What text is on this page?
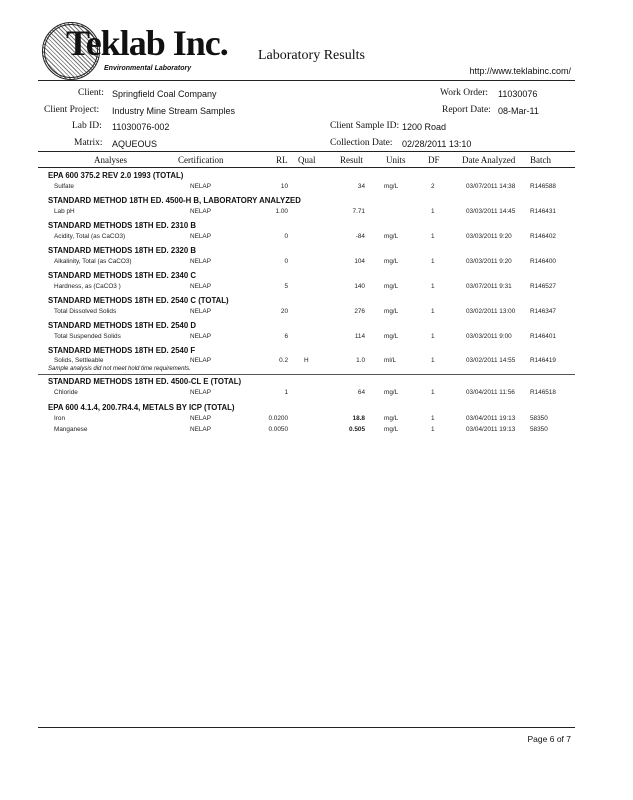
Teklab Inc.
Environmental Laboratory
Laboratory Results
http://www.teklabinc.com/
Client: Springfield Coal Company	Work Order: 11030076
Client Project: Industry Mine Stream Samples	Report Date: 08-Mar-11
Lab ID: 11030076-002	Client Sample ID: 1200 Road
Matrix: AQUEOUS	Collection Date: 02/28/2011 13:10
Analyses	Certification	RL Qual	Result	Units DF Date Analyzed Batch
EPA 600 375.2 REV 2.0 1993 (TOTAL)
Sulfate	NELAP	10	34	mg/L	2	03/07/2011 14:38 R146588
STANDARD METHOD 18TH ED. 4500-H B, LABORATORY ANALYZED
Lab pH	NELAP	1.00	7.71	1	03/03/2011 14:45 R146431
STANDARD METHODS 18TH ED. 2310 B
Acidity, Total (as CaCO3)	NELAP	0	-84	mg/L	1	03/03/2011 9:20	R146402
STANDARD METHODS 18TH ED. 2320 B
Alkalinity, Total (as CaCO3)	NELAP	0	104	mg/L	1	03/03/2011 9:20	R146400
STANDARD METHODS 18TH ED. 2340 C
Hardness, as (CaCO3 )	NELAP	5	140	mg/L	1	03/07/2011 9:31	R146527
STANDARD METHODS 18TH ED. 2540 C (TOTAL)
Total Dissolved Solids	NELAP	20	276	mg/L	1	03/02/2011 13:00 R146347
STANDARD METHODS 18TH ED. 2540 D
Total Suspended Solids	NELAP	6	114	mg/L	1	03/03/2011 9:00	R146401
STANDARD METHODS 18TH ED. 2540 F
Solids, Settleable	NELAP	0.2	H	1.0	ml/L	1	03/02/2011 14:55 R146419
Sample analysis did not meet hold time requirements.
STANDARD METHODS 18TH ED. 4500-CL E (TOTAL)
Chloride	NELAP	1	64	mg/L	1	03/04/2011 11:56 R146518
EPA 600 4.1.4, 200.7R4.4, METALS BY ICP (TOTAL)
Iron	NELAP	0.0200	18.8	mg/L	1	03/04/2011 19:13 58350
Manganese	NELAP	0.0050	0.505	mg/L	1	03/04/2011 19:13 58350
Page 6 of 7
